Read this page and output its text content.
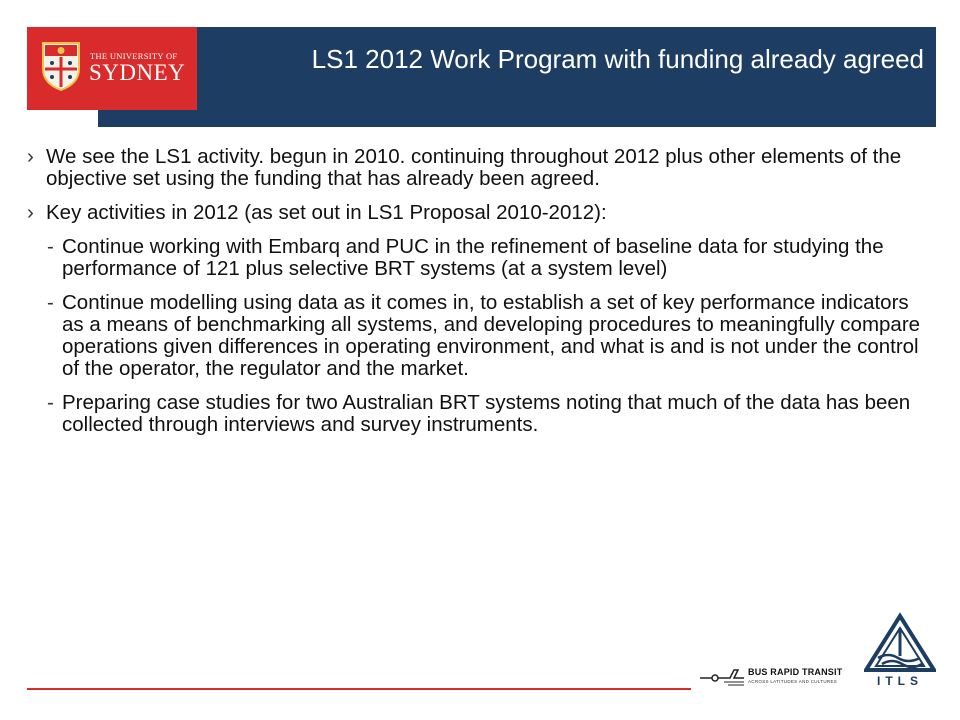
THE UNIVERSITY OF
SYDNEY	LS1 2012 Work Program with funding already agreed
› We see the LS1 activity. begun in 2010. continuing throughout 2012 plus other elements of the objective set using the funding that has already been agreed.
› Key activities in 2012 (as set out in LS1 Proposal 2010-2012):
- Continue working with Embarq and PUC in the refinement of baseline data for studying the performance of 121 plus selective BRT systems (at a system level)
- Continue modelling using data as it comes in, to establish a set of key performance indicators as a means of benchmarking all systems, and developing procedures to meaningfully compare operations given differences in operating environment, and what is and is not under the control of the operator, the regulator and the market.
- Preparing case studies for two Australian BRT systems noting that much of the data has been collected through interviews and survey instruments.
BUS RAPID TRANSIT
ACROSS LATITUDES AND CULTURES	ITLS
